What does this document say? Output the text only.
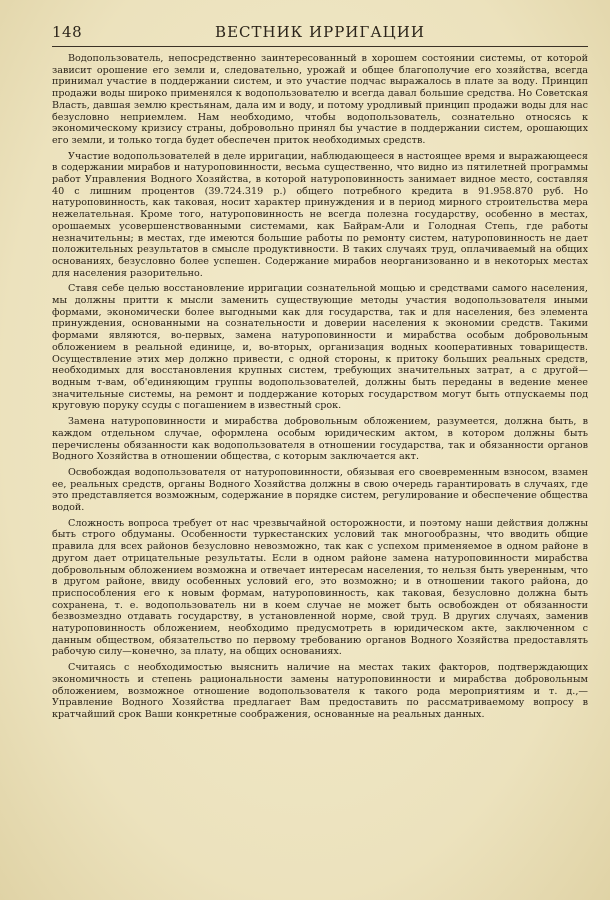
148	ВЕСТНИК ИРРИГАЦИИ

Водопользователь, непосредственно заинтересованный в хорошем состоянии системы, от которой зависит орошение его земли и, следовательно, урожай и общее благополучие его хозяйства, всегда принимал участие в поддержании систем, и это участие подчас выражалось в плате за воду. Принцип продажи воды широко применялся к водопользователю и всегда давал большие средства. Но Советская Власть, давшая землю крестьянам, дала им и воду, и потому уродливый принцип продажи воды для нас безусловно неприемлем. Нам необходимо, чтобы водопользователь, сознательно относясь к экономическому кризису страны, добровольно принял бы участие в поддержании систем, орошающих его земли, и только тогда будет обеспечен приток необходимых средств.

Участие водопользователей в деле ирригации, наблюдающееся в настоящее время и выражающееся в содержании мирабов и натуроповинности, весьма существенно, что видно из пятилетней программы работ Управления Водного Хозяйства, в которой натуроповинность занимает видное место, составляя 40 с лишним процентов (39.724.319 р.) общего потребного кредита в 91.958.870 руб. Но натуроповинность, как таковая, носит характер принуждения и в период мирного строительства мера нежелательная. Кроме того, натуроповинность не всегда полезна государству, особенно в местах, орошаемых усовершенствованными системами, как Байрам-Али и Голодная Степь, где работы незначительны; в местах, где имеются большие работы по ремонту систем, натуроповинность не дает положительных результатов в смысле продуктивности. В таких случаях труд, оплачиваемый на общих основаниях, безусловно более успешен. Содержание мирабов неорганизованно и в некоторых местах для населения разорительно.

Ставя себе целью восстановление ирригации сознательной мощью и средствами самого населения, мы должны притти к мысли заменить существующие методы участия водопользователя иными формами, экономически более выгодными как для государства, так и для населения, без элемента принуждения, основанными на сознательности и доверии населения к экономии средств. Такими формами являются, во-первых, замена натуроповинности и мирабства особым добровольным обложением в реальной единице, и, во-вторых, организация водных кооперативных товариществ. Осуществление этих мер должно привести, с одной стороны, к притоку больших реальных средств, необходимых для восстановления крупных систем, требующих значительных затрат, а с другой—водным т-вам, об'единяющим группы водопользователей, должны быть переданы в ведение менее значительные системы, на ремонт и поддержание которых государством могут быть отпускаемы под круговую поруку ссуды с погашением в известный срок.

Замена натуроповинности и мирабства добровольным обложением, разумеется, должна быть, в каждом отдельном случае, оформлена особым юридическим актом, в котором должны быть перечислены обязанности как водопользователя в отношении государства, так и обязанности органов Водного Хозяйства в отношении общества, с которым заключается акт.

Освобождая водопользователя от натуроповинности, обязывая его своевременным взносом, взамен ее, реальных средств, органы Водного Хозяйства должны в свою очередь гарантировать в случаях, где это представляется возможным, содержание в порядке систем, регулирование и обеспечение общества водой.

Сложность вопроса требует от нас чрезвычайной осторожности, и поэтому наши действия должны быть строго обдуманы. Особенности туркестанских условий так многообразны, что вводить общие правила для всех районов безусловно невозможно, так как с успехом применяемое в одном районе в другом дает отрицательные результаты. Если в одном районе замена натуроповинности мирабства добровольным обложением возможна и отвечает интересам населения, то нельзя быть уверенным, что в другом районе, ввиду особенных условий его, это возможно; и в отношении такого района, до приспособления его к новым формам, натуроповинность, как таковая, безусловно должна быть сохранена, т. е. водопользователь ни в коем случае не может быть освобожден от обязанности безвозмездно отдавать государству, в установленной норме, свой труд. В других случаях, заменив натуроповинность обложением, необходимо предусмотреть в юридическом акте, заключенном с данным обществом, обязательство по первому требованию органов Водного Хозяйства предоставлять рабочую силу—конечно, за плату, на общих основаниях.

Считаясь с необходимостью выяснить наличие на местах таких факторов, подтверждающих экономичность и степень рациональности замены натуроповинности и мирабства добровольным обложением, возможное отношение водопользователя к такого рода мероприятиям и т. д.,—Управление Водного Хозяйства предлагает Вам предоставить по рассматриваемому вопросу в кратчайший срок Ваши конкретные соображения, основанные на реальных данных.
